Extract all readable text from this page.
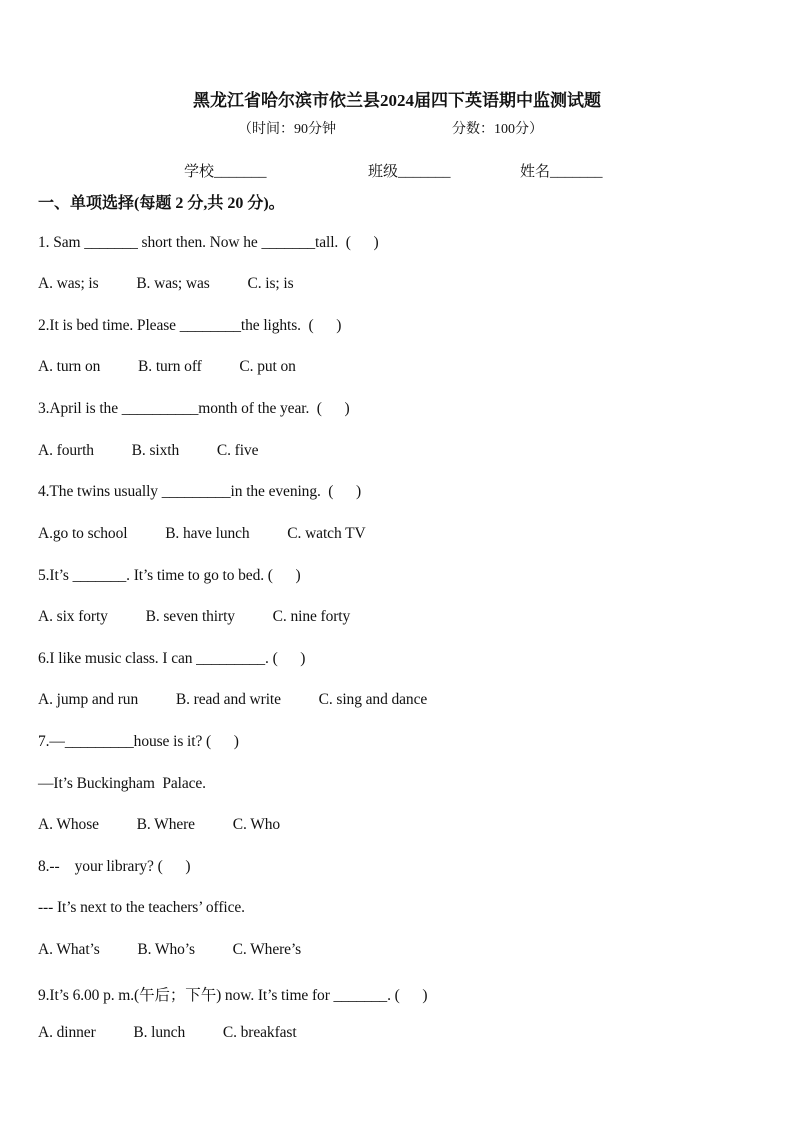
黑龙江省哈尔滨市依兰县2024届四下英语期中监测试题
（时间：90分钟	分数：100分）
学校_______	班级_______	姓名_______
一、单项选择(每题 2 分,共 20 分)。
1. Sam _______ short then. Now he _______tall.  (      )
A. was; is          B. was; was          C. is; is
2.It is bed time. Please ________the lights.  (      )
A. turn on          B. turn off          C. put on
3.April is the __________month of the year.  (      )
A. fourth          B. sixth          C. five
4.The twins usually _________in the evening.  (      )
A.go to school          B. have lunch          C. watch TV
5.It’s _______. It’s time to go to bed. (      )
A. six forty          B. seven thirty          C. nine forty
6.I like music class. I can _________. (      )
A. jump and run          B. read and write          C. sing and dance
7.—_________house is it? (      )
—It’s Buckingham  Palace.
A. Whose          B. Where          C. Who
8.--    your library? (      )
--- It’s next to the teachers’ office.
A. What’s          B. Who’s          C. Where’s
9.It’s 6.00 p. m.(午后；下午) now. It’s time for _______. (      )
A. dinner          B. lunch          C. breakfast
